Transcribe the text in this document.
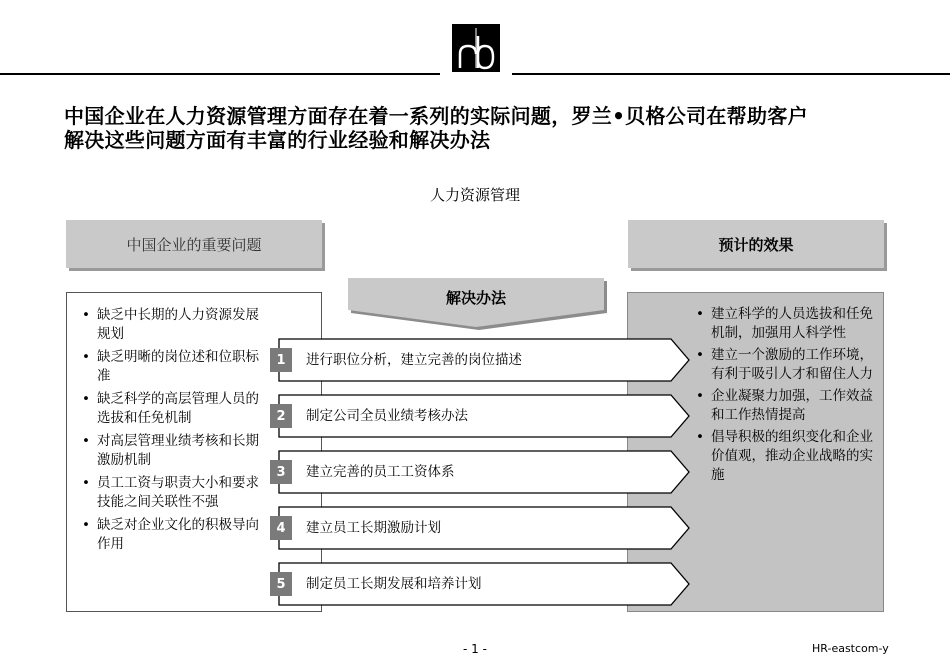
中国企业在人力资源管理方面存在着一系列的实际问题，罗兰•贝格公司在帮助客户
解决这些问题方面有丰富的行业经验和解决办法
人力资源管理
中国企业的重要问题	预计的效果
• 缺乏中长期的人力资源发展规划
• 缺乏明晰的岗位述和位职标准
• 缺乏科学的高层管理人员的选拔和任免机制
• 对高层管理业绩考核和长期激励机制
• 员工工资与职责大小和要求技能之间关联性不强
• 缺乏对企业文化的积极导向作用
• 建立科学的人员选拔和任免机制，加强用人科学性
• 建立一个激励的工作环境，有利于吸引人才和留住人力
• 企业凝聚力加强，工作效益和工作热情提高
• 倡导积极的组织变化和企业价值观，推动企业战略的实施
解决办法
1	进行职位分析，建立完善的岗位描述
2	制定公司全员业绩考核办法
3	建立完善的员工工资体系
4	建立员工长期激励计划
5	制定员工长期发展和培养计划
- 1 -	HR-eastcom-y
